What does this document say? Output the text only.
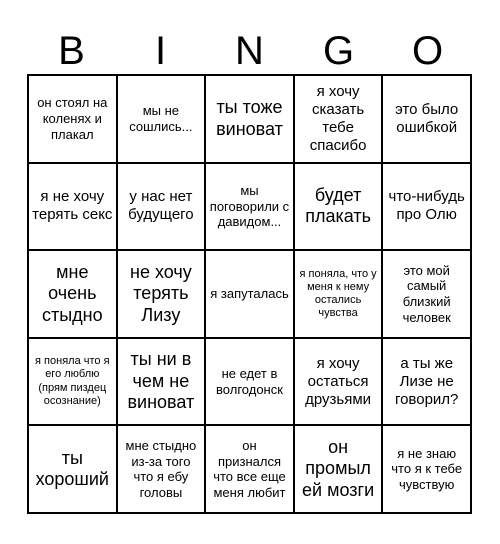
B	I	N	G	O
он стоял на коленях и плакал
мы не сошлись...
ты тоже виноват
я хочу сказать тебе спасибо
это было ошибкой
я не хочу терять секс
у нас нет будущего
мы поговорили с давидом...
будет плакать
что-нибудь про Олю
мне очень стыдно
не хочу терять Лизу
я запуталась
я поняла, что у меня к нему остались чувства
это мой самый близкий человек
я поняла что я его люблю (прям пиздец осознание)
ты ни в чем не виноват
не едет в волгодонск
я хочу остаться друзьями
а ты же Лизе не говорил?
ты хороший
мне стыдно из-за того что я ебу головы
он признался что все еще меня любит
он промыл ей мозги
я не знаю что я к тебе чувствую
